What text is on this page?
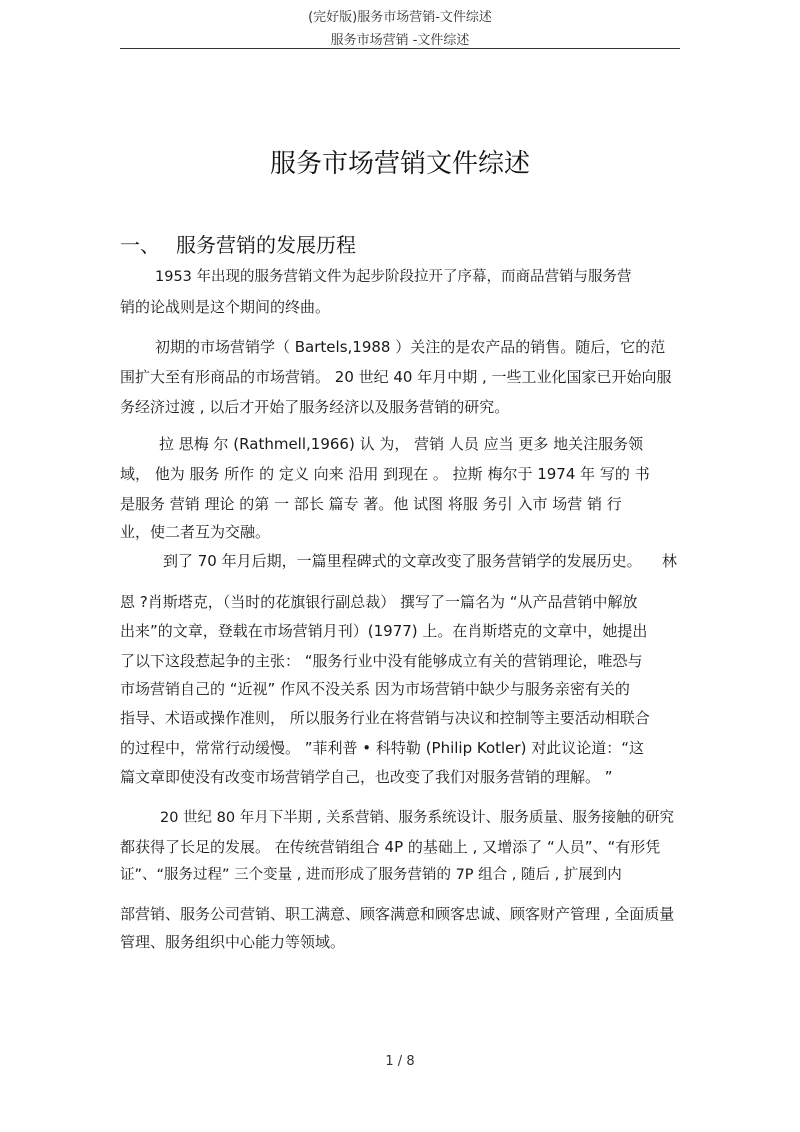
(完好版)服务市场营销-文件综述
服务市场营销 -文件综述
服务市场营销文件综述
一、 服务营销的发展历程
1953 年出现的服务营销文件为起步阶段拉开了序幕，而商品营销与服务营
销的论战则是这个期间的终曲。
初期的市场营销学（ Bartels,1988 ）关注的是农产品的销售。随后，它的范
围扩大至有形商品的市场营销。 20 世纪 40 年月中期 , 一些工业化国家已开始向服
务经济过渡 , 以后才开始了服务经济以及服务营销的研究。
拉 思梅 尔 (Rathmell,1966) 认 为， 营销 人员 应当 更多 地关注服务领
域， 他为 服务 所作 的 定义 向来 沿用 到现在 。 拉斯 梅尔于 1974 年 写的 书
是服务 营销 理论 的第 一 部长 篇专 著。他 试图 将服 务引 入市 场营 销 行
业，使二者互为交融。
到了 70 年月后期，一篇里程碑式的文章改变了服务营销学的发展历史。 林
恩 ?肖斯塔克，（当时的花旗银行副总裁） 撰写了一篇名为 “从产品营销中解放
出来”的文章，登载在市场营销月刊）(1977) 上。在肖斯塔克的文章中，她提出
了以下这段惹起争的主张： “服务行业中没有能够成立有关的营销理论，唯恐与
市场营销自己的 “近视” 作风不没关系 因为市场营销中缺少与服务亲密有关的
指导、术语或操作准则， 所以服务行业在将营销与决议和控制等主要活动相联合
的过程中，常常行动缓慢。 ”菲利普 • 科特勒 (Philip Kotler) 对此议论道：“这
篇文章即使没有改变市场营销学自己，也改变了我们对服务营销的理解。 ”
20 世纪 80 年月下半期 , 关系营销、服务系统设计、服务质量、服务接触的研究
都获得了长足的发展。 在传统营销组合 4P 的基础上 , 又增添了 “人员”、“有形凭
证”、“服务过程” 三个变量 , 进而形成了服务营销的 7P 组合 , 随后 , 扩展到内
部营销、服务公司营销、职工满意、顾客满意和顾客忠诚、顾客财产管理 , 全面质量
管理、服务组织中心能力等领域。
1 / 8
